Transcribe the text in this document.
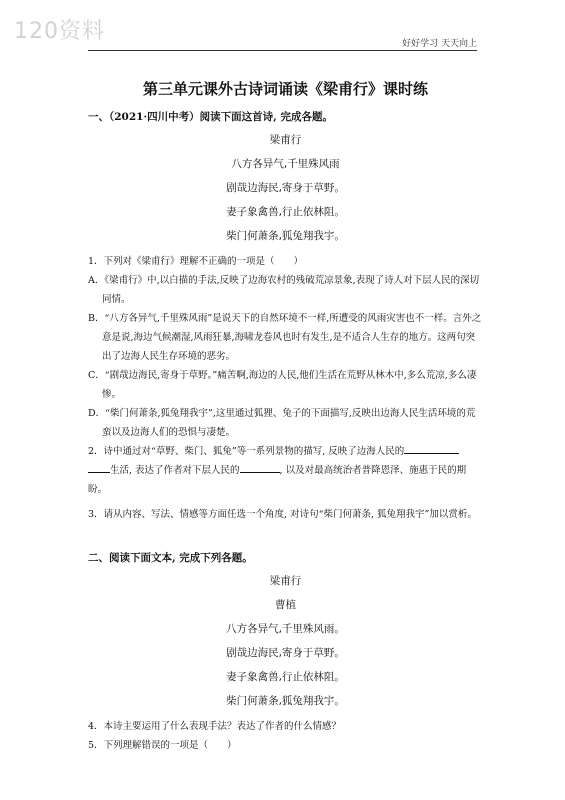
120资料	好好学习 天天向上
第三单元课外古诗词诵读《梁甫行》课时练
一、（2021·四川中考）阅读下面这首诗, 完成各题。
梁甫行
八方各异气,千里殊风雨
剧哉边海民,寄身于草野。
妻子象禽兽,行止依林阻。
柴门何萧条,狐兔翔我宇。
1．下列对《梁甫行》理解不正确的一项是（　　）
A．《梁甫行》中,以白描的手法,反映了边海农村的残破荒凉景象,表现了诗人对下层人民的深切同情。
B．“八方各异气,千里殊风雨”是说天下的自然环境不一样,所遭受的风雨灾害也不一样。言外之意是说,海边气候潮湿,风雨狂暴,海啸龙卷风也时有发生,是不适合人生存的地方。这两句突出了边海人民生存环境的恶劣。
C．“剧哉边海民,寄身于草野。”痛苦啊,海边的人民,他们生活在荒野从林木中,多么荒凉,多么凄惨。
D．“柴门何萧条,狐兔翔我宇”,这里通过狐狸、兔子的下面描写,反映出边海人民生活环境的荒蛮以及边海人们的恐惧与凄楚。
2．诗中通过对“草野、柴门、狐兔”等一系列景物的描写, 反映了边海人民的
生活, 表达了作者对下层人民的	, 以及对最高统治者普降恩泽、施惠于民的期盼。
3．请从内容、写法、情感等方面任选一个角度, 对诗句“柴门何萧条, 狐兔翔我宇”加以赏析。
二、阅读下面文本, 完成下列各题。
梁甫行
曹植
八方各异气,千里殊风雨。
剧哉边海民,寄身于草野。
妻子象禽兽,行止依林阻。
柴门何萧条,狐兔翔我宇。
4．本诗主要运用了什么表现手法？表达了作者的什么情感？
5．下列理解错误的一项是（　　）
